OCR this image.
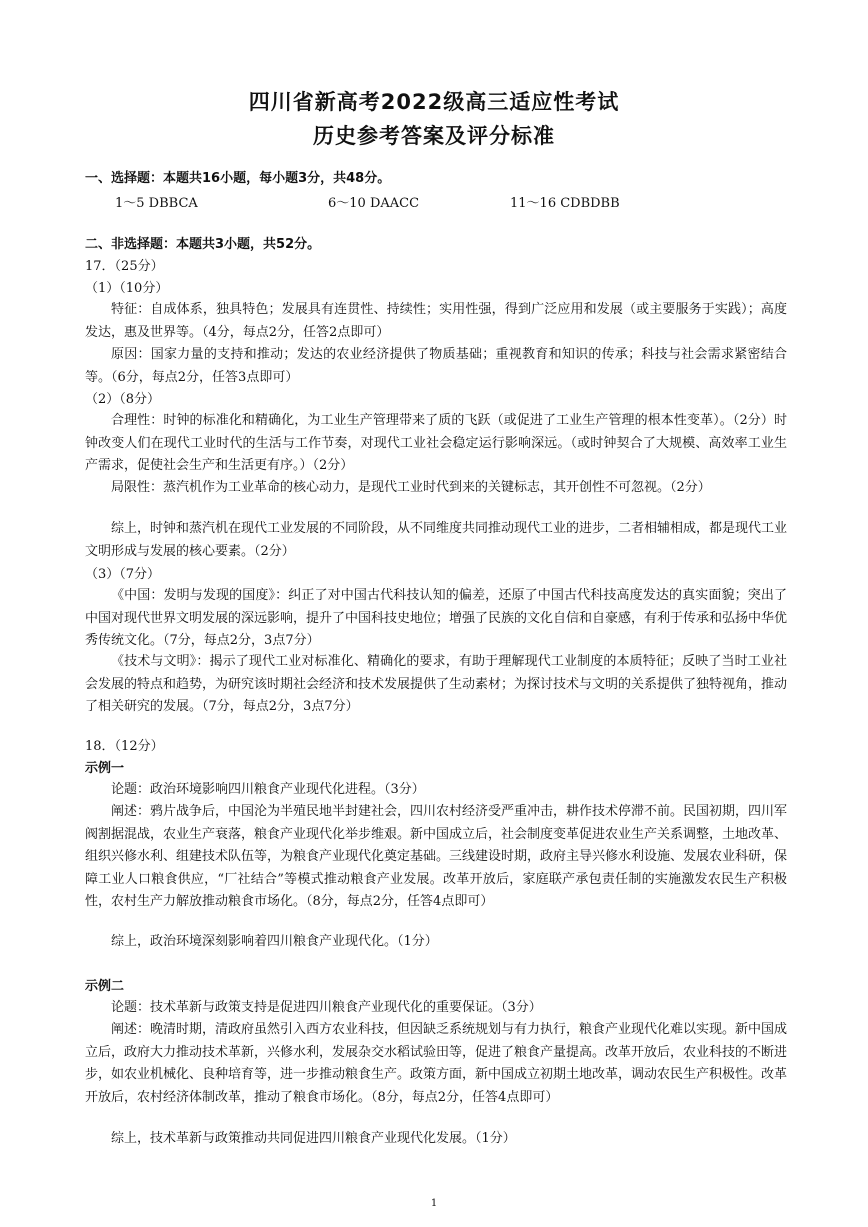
四川省新高考2022级高三适应性考试
历史参考答案及评分标准
一、选择题：本题共16小题，每小题3分，共48分。
1～5 DBBCA	6～10 DAACC	11～16 CDBDBB
二、非选择题：本题共3小题，共52分。
17．（25分）
（1）（10分）
特征：自成体系，独具特色；发展具有连贯性、持续性；实用性强，得到广泛应用和发展（或主要服务于实践）；高度发达，惠及世界等。（4分，每点2分，任答2点即可）
原因：国家力量的支持和推动；发达的农业经济提供了物质基础；重视教育和知识的传承；科技与社会需求紧密结合等。（6分，每点2分，任答3点即可）
（2）（8分）
合理性：时钟的标准化和精确化，为工业生产管理带来了质的飞跃（或促进了工业生产管理的根本性变革）。（2分）时钟改变人们在现代工业时代的生活与工作节奏，对现代工业社会稳定运行影响深远。（或时钟契合了大规模、高效率工业生产需求，促使社会生产和生活更有序。）（2分）
局限性：蒸汽机作为工业革命的核心动力，是现代工业时代到来的关键标志，其开创性不可忽视。（2分）
综上，时钟和蒸汽机在现代工业发展的不同阶段，从不同维度共同推动现代工业的进步，二者相辅相成，都是现代工业文明形成与发展的核心要素。（2分）
（3）（7分）
《中国：发明与发现的国度》：纠正了对中国古代科技认知的偏差，还原了中国古代科技高度发达的真实面貌；突出了中国对现代世界文明发展的深远影响，提升了中国科技史地位；增强了民族的文化自信和自豪感，有利于传承和弘扬中华优秀传统文化。（7分，每点2分，3点7分）
《技术与文明》：揭示了现代工业对标准化、精确化的要求，有助于理解现代工业制度的本质特征；反映了当时工业社会发展的特点和趋势，为研究该时期社会经济和技术发展提供了生动素材；为探讨技术与文明的关系提供了独特视角，推动了相关研究的发展。（7分，每点2分，3点7分）
18．（12分）
示例一
论题：政治环境影响四川粮食产业现代化进程。（3分）
阐述：鸦片战争后，中国沦为半殖民地半封建社会，四川农村经济受严重冲击，耕作技术停滞不前。民国初期，四川军阀割据混战，农业生产衰落，粮食产业现代化举步维艰。新中国成立后，社会制度变革促进农业生产关系调整，土地改革、组织兴修水利、组建技术队伍等，为粮食产业现代化奠定基础。三线建设时期，政府主导兴修水利设施、发展农业科研，保障工业人口粮食供应，“厂社结合”等模式推动粮食产业发展。改革开放后，家庭联产承包责任制的实施激发农民生产积极性，农村生产力解放推动粮食市场化。（8分，每点2分，任答4点即可）
综上，政治环境深刻影响着四川粮食产业现代化。（1分）
示例二
论题：技术革新与政策支持是促进四川粮食产业现代化的重要保证。（3分）
阐述：晚清时期，清政府虽然引入西方农业科技，但因缺乏系统规划与有力执行，粮食产业现代化难以实现。新中国成立后，政府大力推动技术革新，兴修水利，发展杂交水稻试验田等，促进了粮食产量提高。改革开放后，农业科技的不断进步，如农业机械化、良种培育等，进一步推动粮食生产。政策方面，新中国成立初期土地改革，调动农民生产积极性。改革开放后，农村经济体制改革，推动了粮食市场化。（8分，每点2分，任答4点即可）
综上，技术革新与政策推动共同促进四川粮食产业现代化发展。（1分）
1
